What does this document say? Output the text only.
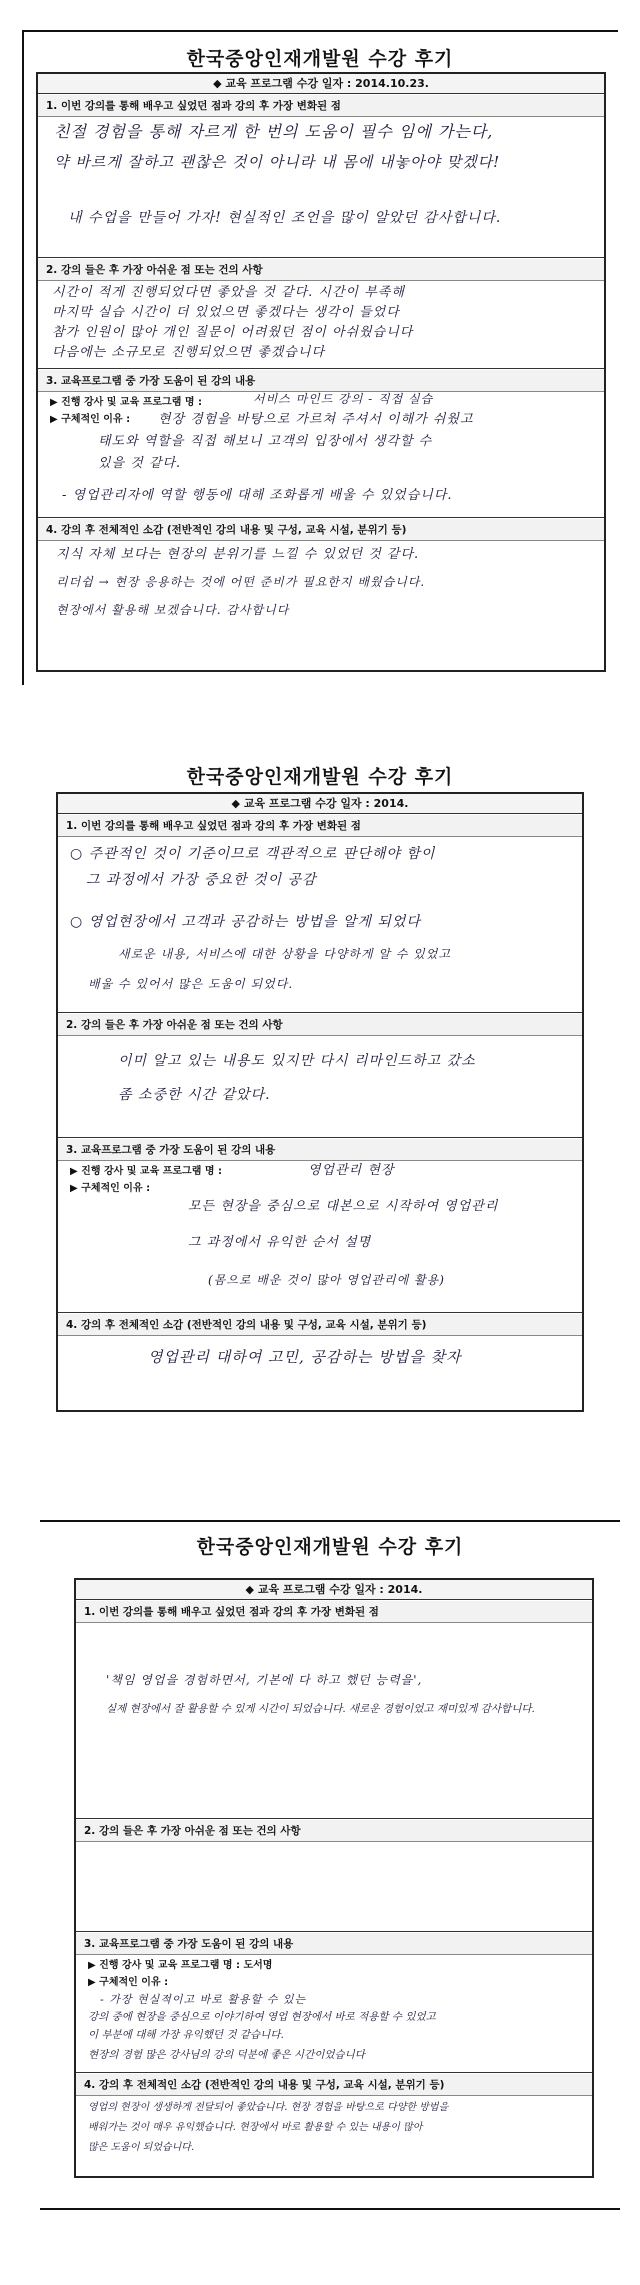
한국중앙인재개발원 수강 후기
◆ 교육 프로그램 수강 일자 : 2014.10.23.
1. 이번 강의를 통해 배우고 싶었던 점과 강의 후 가장 변화된 점
친절 경험을 통해 자르게 한 번의 도움이 필수 임에 가는다,
약 바르게 잘하고 괜찮은 것이 아니라 내 몸에 내놓아야 맞겠다!
내 수업을 만들어 가자! 현실적인 조언을 많이 알았던 감사합니다.
2. 강의 들은 후 가장 아쉬운 점 또는 건의 사항
시간이 적게 진행되었다면 좋았을 것 같다. 시간이 부족해
마지막 실습 시간이 더 있었으면 좋겠다는 생각이 들었다
참가 인원이 많아 개인 질문이 어려웠던 점이 아쉬웠습니다
다음에는 소규모로 진행되었으면 좋겠습니다
3. 교육프로그램 중 가장 도움이 된 강의 내용
▶ 진행 강사 및 교육 프로그램 명 :
▶ 구체적인 이유 :
서비스 마인드 강의 - 직접 실습
현장 경험을 바탕으로 가르쳐 주셔서 이해가 쉬웠고
태도와 역할을 직접 해보니 고객의 입장에서 생각할 수
있을 것 같다.
- 영업관리자에 역할 행동에 대해 조화롭게 배울 수 있었습니다.
4. 강의 후 전체적인 소감 (전반적인 강의 내용 및 구성, 교육 시설, 분위기 등)
지식 자체 보다는 현장의 분위기를 느낄 수 있었던 것 같다.
리더쉽 → 현장 응용하는 것에 어떤 준비가 필요한지 배웠습니다.
현장에서 활용해 보겠습니다. 감사합니다
한국중앙인재개발원 수강 후기
◆ 교육 프로그램 수강 일자 : 2014.
1. 이번 강의를 통해 배우고 싶었던 점과 강의 후 가장 변화된 점
○ 주관적인 것이 기준이므로 객관적으로 판단해야 함이
그 과정에서 가장 중요한 것이 공감
○ 영업현장에서 고객과 공감하는 방법을 알게 되었다
새로운 내용, 서비스에 대한 상황을 다양하게 알 수 있었고
배울 수 있어서 많은 도움이 되었다.
2. 강의 들은 후 가장 아쉬운 점 또는 건의 사항
이미 알고 있는 내용도 있지만 다시 리마인드하고 갔소
좀 소중한 시간 같았다.
3. 교육프로그램 중 가장 도움이 된 강의 내용
▶ 진행 강사 및 교육 프로그램 명 :
▶ 구체적인 이유 :
영업관리 현장
모든 현장을 중심으로 대본으로 시작하여 영업관리
그 과정에서 유익한 순서 설명
(몸으로 배운 것이 많아 영업관리에 활용)
4. 강의 후 전체적인 소감 (전반적인 강의 내용 및 구성, 교육 시설, 분위기 등)
영업관리 대하여 고민, 공감하는 방법을 찾자
한국중앙인재개발원 수강 후기
◆ 교육 프로그램 수강 일자 : 2014.
1. 이번 강의를 통해 배우고 싶었던 점과 강의 후 가장 변화된 점
'책임 영업을 경험하면서, 기본에 다 하고 했던 능력을',
실제 현장에서 잘 활용할 수 있게 시간이 되었습니다. 새로운 경험이었고 재미있게 감사합니다.
2. 강의 들은 후 가장 아쉬운 점 또는 건의 사항
3. 교육프로그램 중 가장 도움이 된 강의 내용
▶ 진행 강사 및 교육 프로그램 명 : 도서명
▶ 구체적인 이유 :
- 가장 현실적이고 바로 활용할 수 있는
강의 중에 현장을 중심으로 이야기하여 영업 현장에서 바로 적용할 수 있었고
이 부분에 대해 가장 유익했던 것 같습니다.
현장의 경험 많은 강사님의 강의 덕분에 좋은 시간이었습니다
4. 강의 후 전체적인 소감 (전반적인 강의 내용 및 구성, 교육 시설, 분위기 등)
영업의 현장이 생생하게 전달되어 좋았습니다. 현장 경험을 바탕으로 다양한 방법을
배워가는 것이 매우 유익했습니다. 현장에서 바로 활용할 수 있는 내용이 많아
많은 도움이 되었습니다.
